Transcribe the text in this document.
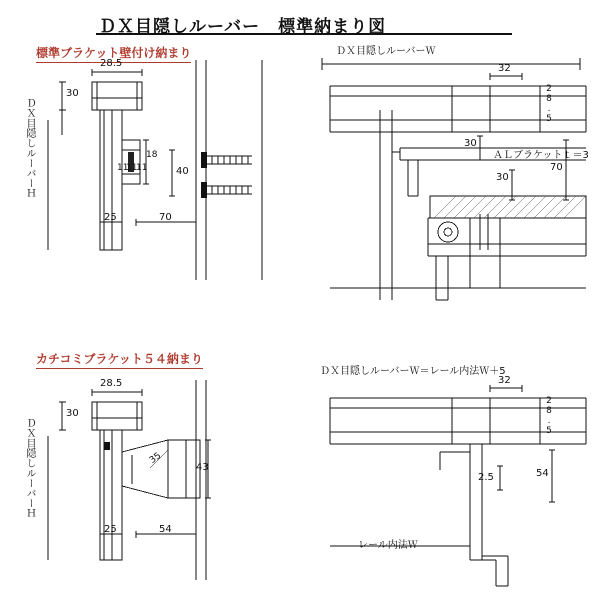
ＤＸ目隠しルーバー　標準納まり図
標準ブラケット壁付け納まり
カチコミブラケット５４納まり
ＤＸ目隠しルーバーＷ
ＤＸ目隠しルーバーＷ＝レール内法Ｗ＋5
28.5
30
ＤＸ目隠しルーバーＨ	11
11
11
18
40
25	70
32
28.5
30
ＡＬブラケットｔ＝3
30
70
28.5
30
ＤＸ目隠しルーバーＨ	35
43
25	54
32
28.5
54
2.5
レール内法Ｗ
